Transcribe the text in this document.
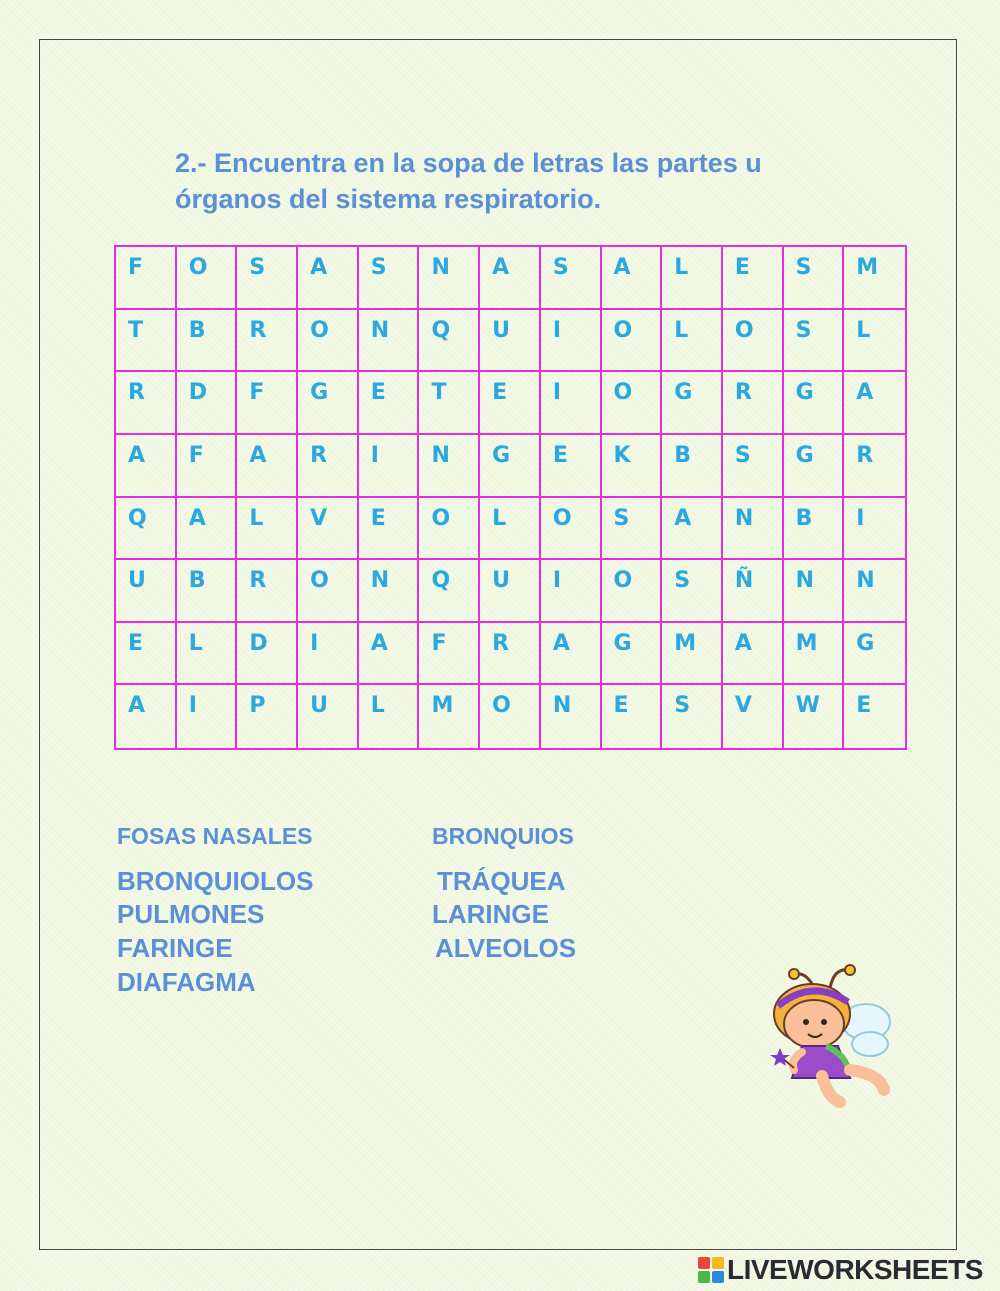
2.- Encuentra en la sopa de letras las partes u
órganos del sistema respiratorio.
F	O	S	A	S	N	A	S	A	L	E	S	M
T	B	R	O	N	Q	U	I	O	L	O	S	L
R	D	F	G	E	T	E	I	O	G	R	G	A
A	F	A	R	I	N	G	E	K	B	S	G	R
Q	A	L	V	E	O	L	O	S	A	N	B	I
U	B	R	O	N	Q	U	I	O	S	Ñ	N	N
E	L	D	I	A	F	R	A	G	M	A	M	G
A	I	P	U	L	M	O	N	E	S	V	W	E
FOSAS NASALES	BRONQUIOS
BRONQUIOLOS	TRÁQUEA
PULMONES	LARINGE
FARINGE	ALVEOLOS
DIAFAGMA
LIVEWORKSHEETS
